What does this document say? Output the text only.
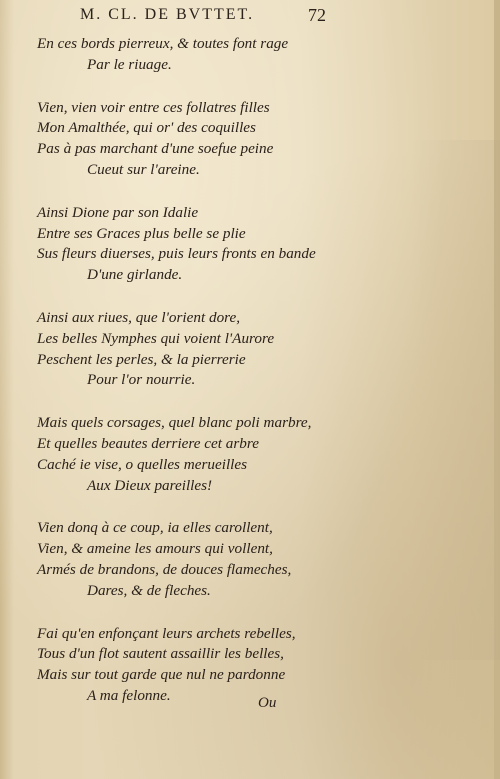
M. CL. DE BVTTET.	72
En ces bords pierreux, & toutes font rage
Par le riuage.
Vien, vien voir entre ces follatres filles
Mon Amalthée, qui or' des coquilles
Pas à pas marchant d'une soefue peine
Cueut sur l'areine.
Ainsi Dione par son Idalie
Entre ses Graces plus belle se plie
Sus fleurs diuerses, puis leurs fronts en bande
D'une girlande.
Ainsi aux riues, que l'orient dore,
Les belles Nymphes qui voient l'Aurore
Peschent les perles, & la pierrerie
Pour l'or nourrie.
Mais quels corsages, quel blanc poli marbre,
Et quelles beautes derriere cet arbre
Caché ie vise, o quelles merueilles
Aux Dieux pareilles!
Vien donq à ce coup, ia elles carollent,
Vien, & ameine les amours qui vollent,
Armés de brandons, de douces flameches,
Dares, & de fleches.
Fai qu'en enfonçant leurs archets rebelles,
Tous d'un flot sautent assaillir les belles,
Mais sur tout garde que nul ne pardonne
A ma felonne.	Ou
